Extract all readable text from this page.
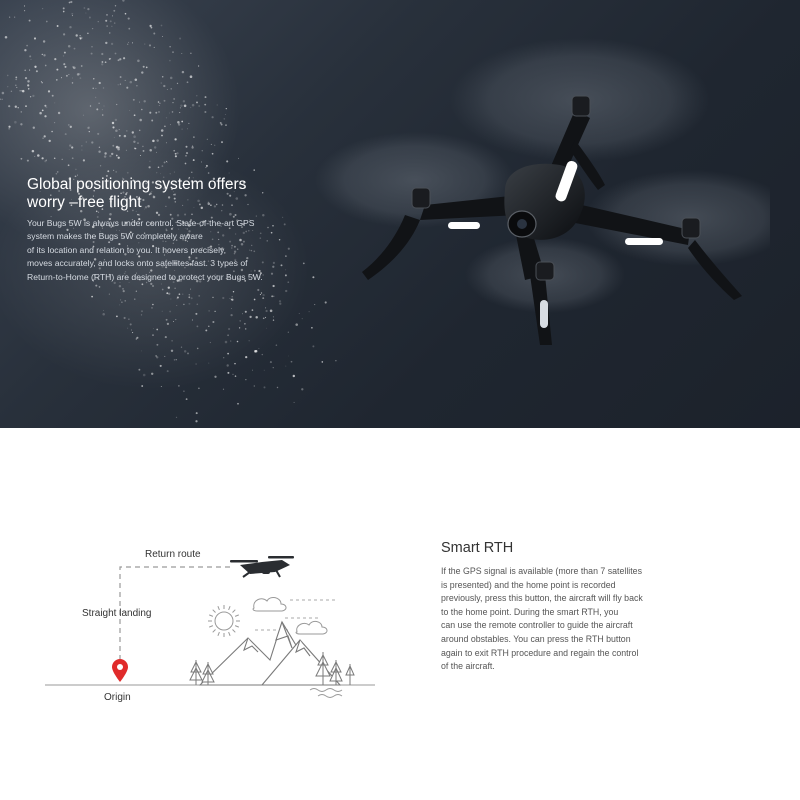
Global positioning system offers
worry –free flight

Your Bugs 5W is always under control. State-of-the-art GPS
system makes the Bugs 5W completely aware
of its location and relation to you. It hovers precisely,
moves accurately, and locks onto satellites fast. 3 types of
Return-to-Home (RTH) are designed to protect your Bugs 5W.

Return route
Straight landing
Origin
Smart RTH

If the GPS signal is available (more than 7 satellites
is presented) and the home point is recorded
previously, press this button, the aircraft will fly back
to the home point. During the smart RTH, you
can use the remote controller to guide the aircraft
around obstables. You can press the RTH button
again to exit RTH procedure and regain the control
of the aircraft.
